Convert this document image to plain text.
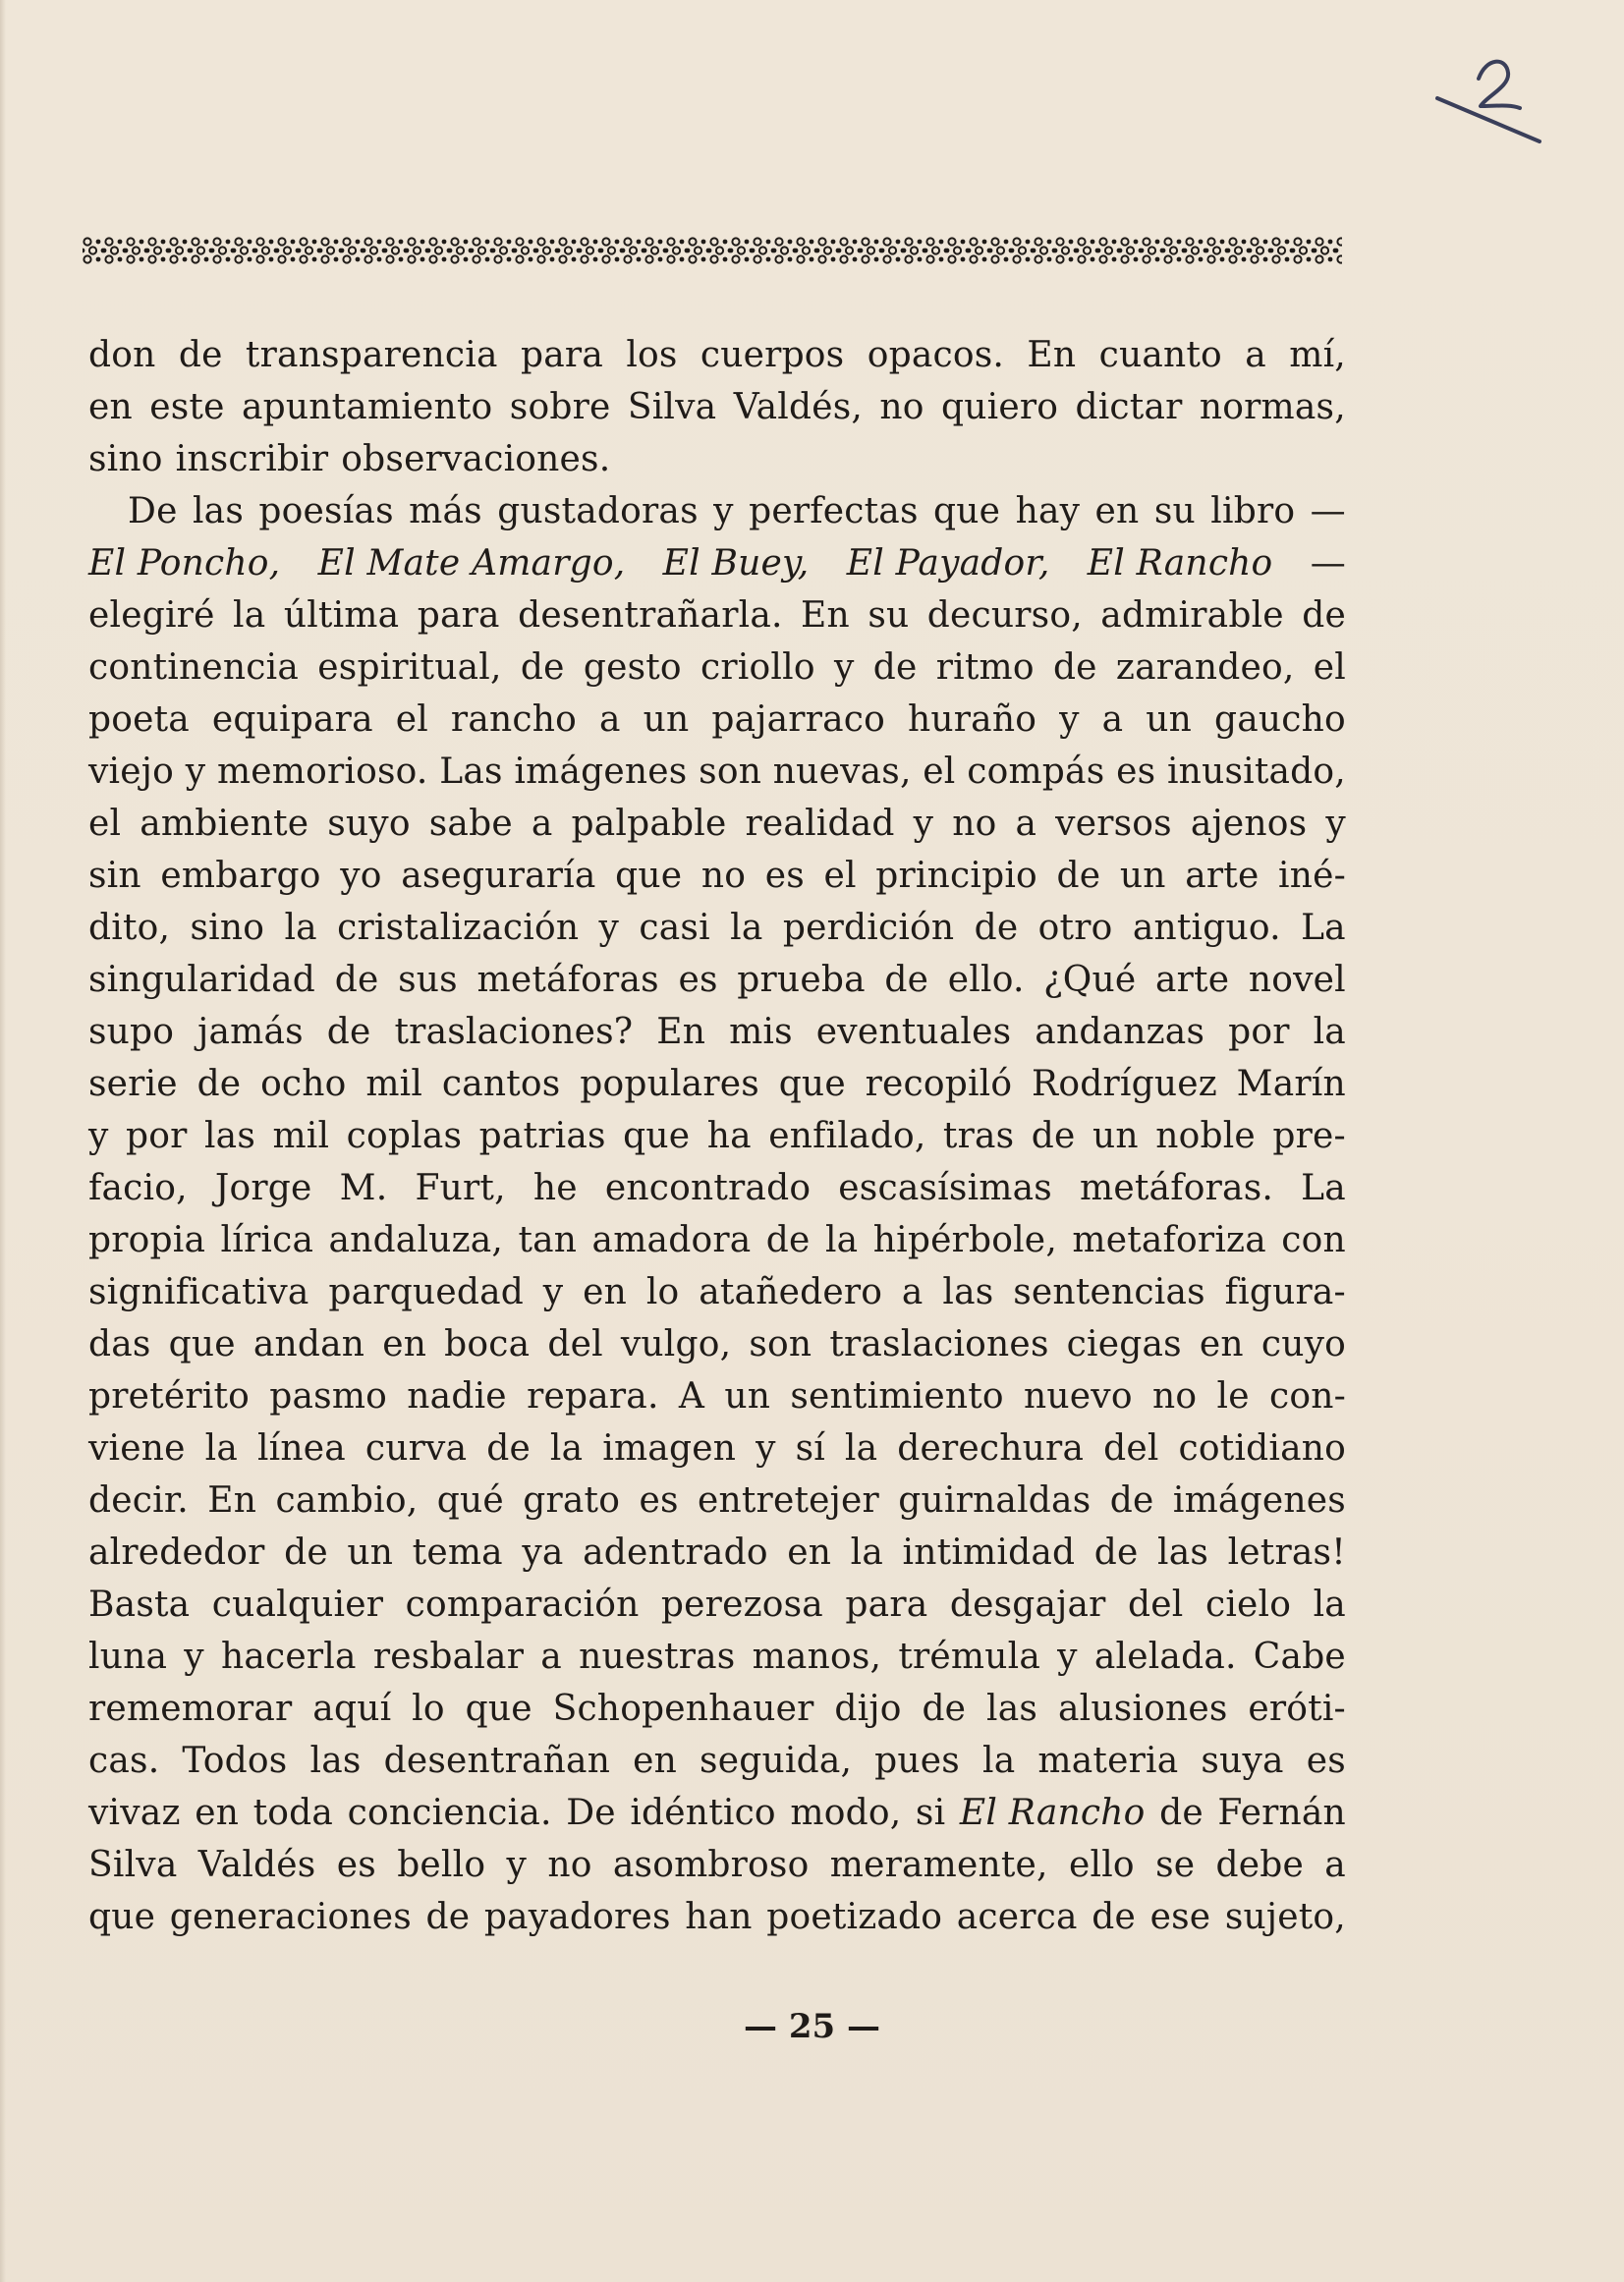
don de transparencia para los cuerpos opacos. En cuanto a mí,
en este apuntamiento sobre Silva Valdés, no quiero dictar normas,
sino inscribir observaciones.
De las poesías más gustadoras y perfectas que hay en su libro —
El Poncho, El Mate Amargo, El Buey, El Payador, El Rancho —
elegiré la última para desentrañarla. En su decurso, admirable de
continencia espiritual, de gesto criollo y de ritmo de zarandeo, el
poeta equipara el rancho a un pajarraco huraño y a un gaucho
viejo y memorioso. Las imágenes son nuevas, el compás es inusitado,
el ambiente suyo sabe a palpable realidad y no a versos ajenos y
sin embargo yo aseguraría que no es el principio de un arte iné-
dito, sino la cristalización y casi la perdición de otro antiguo. La
singularidad de sus metáforas es prueba de ello. ¿Qué arte novel
supo jamás de traslaciones? En mis eventuales andanzas por la
serie de ocho mil cantos populares que recopiló Rodríguez Marín
y por las mil coplas patrias que ha enfilado, tras de un noble pre-
facio, Jorge M. Furt, he encontrado escasísimas metáforas. La
propia lírica andaluza, tan amadora de la hipérbole, metaforiza con
significativa parquedad y en lo atañedero a las sentencias figura-
das que andan en boca del vulgo, son traslaciones ciegas en cuyo
pretérito pasmo nadie repara. A un sentimiento nuevo no le con-
viene la línea curva de la imagen y sí la derechura del cotidiano
decir. En cambio, qué grato es entretejer guirnaldas de imágenes
alrededor de un tema ya adentrado en la intimidad de las letras!
Basta cualquier comparación perezosa para desgajar del cielo la
luna y hacerla resbalar a nuestras manos, trémula y alelada. Cabe
rememorar aquí lo que Schopenhauer dijo de las alusiones eróti-
cas. Todos las desentrañan en seguida, pues la materia suya es
vivaz en toda conciencia. De idéntico modo, si El Rancho de Fernán
Silva Valdés es bello y no asombroso meramente, ello se debe a
que generaciones de payadores han poetizado acerca de ese sujeto,
— 25 —
